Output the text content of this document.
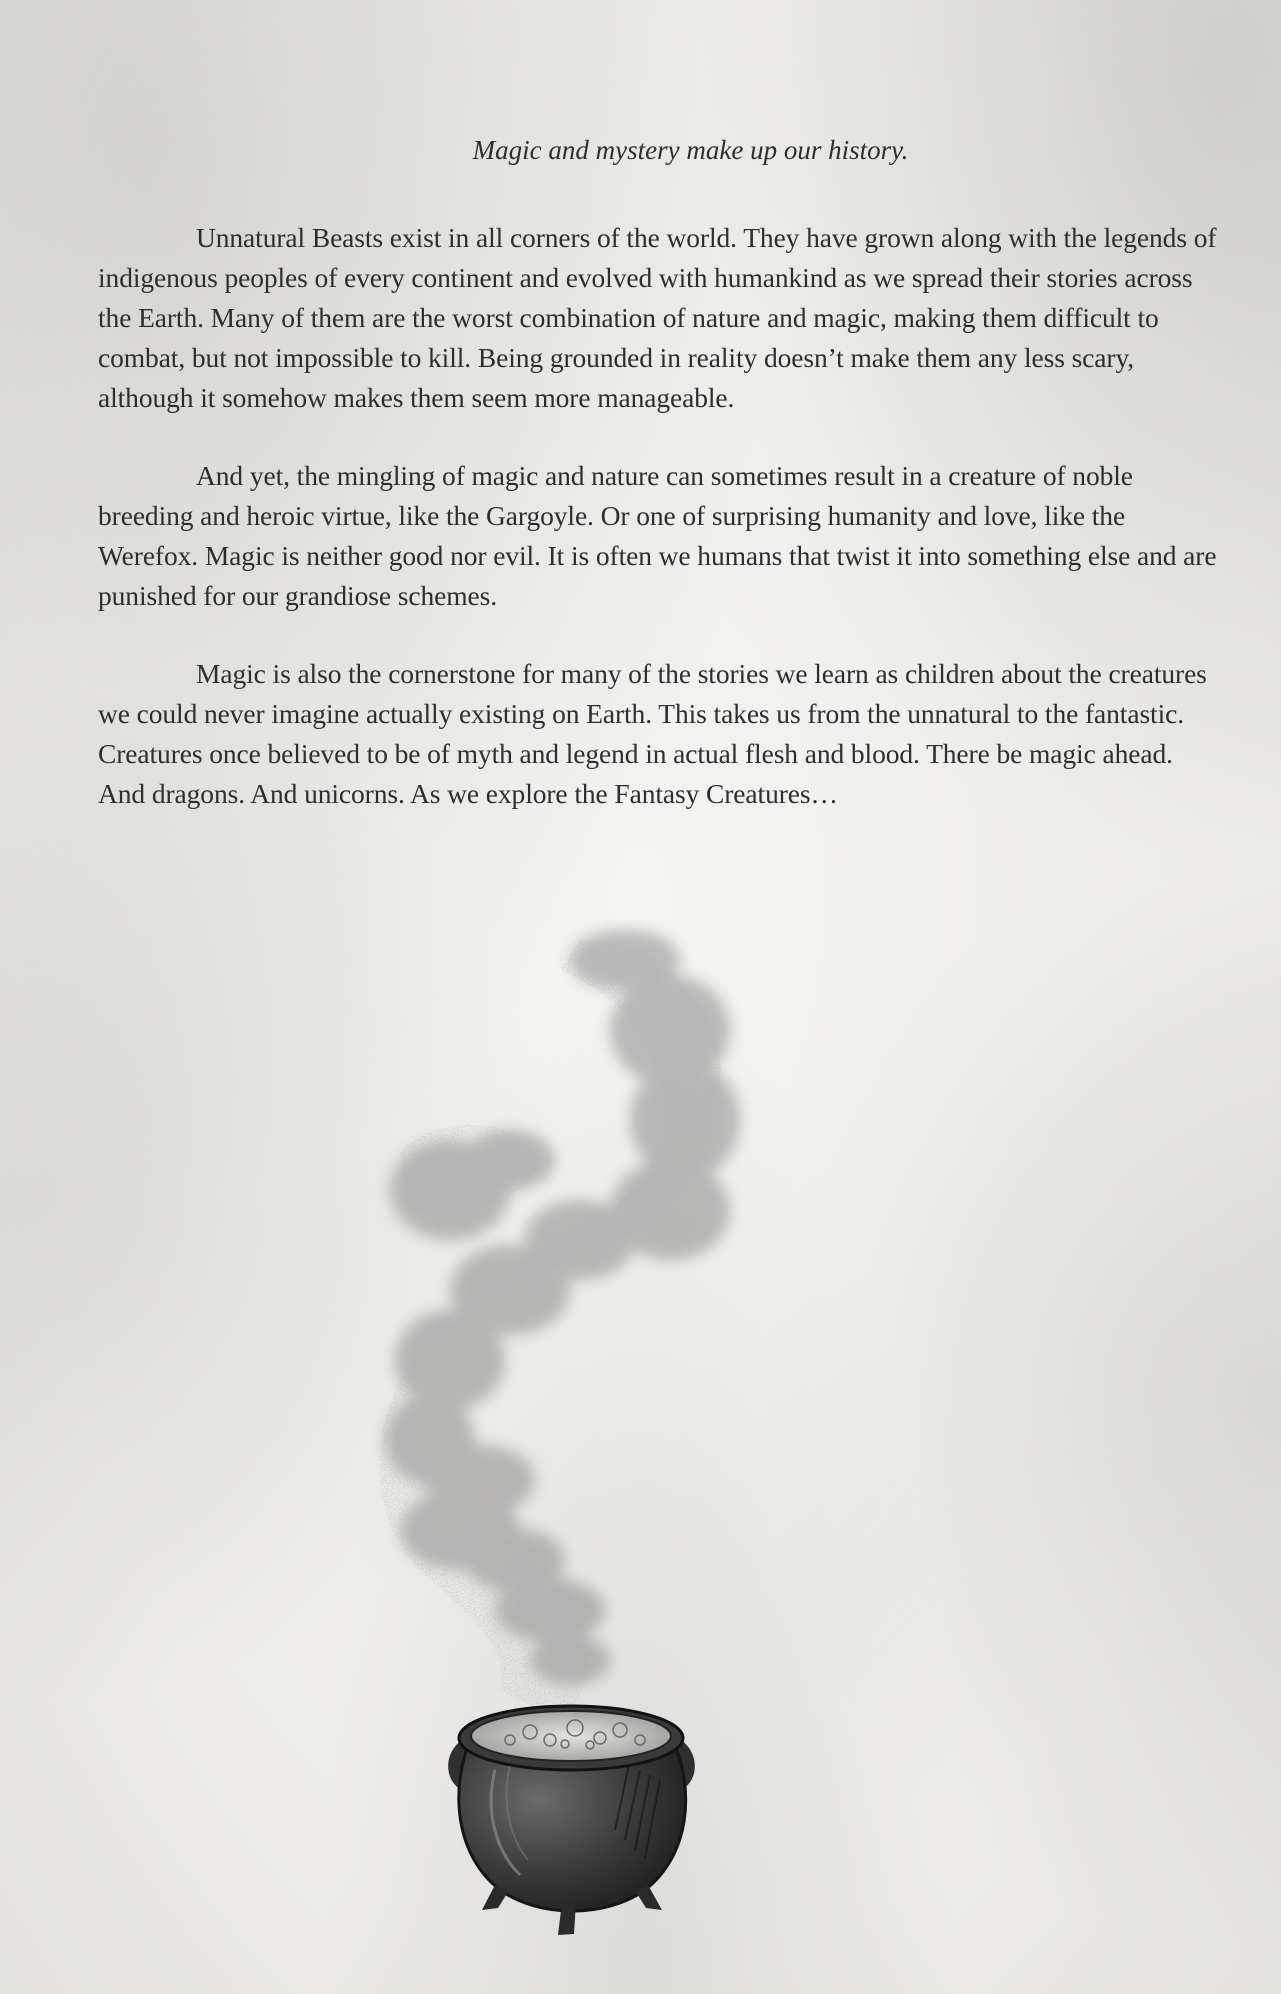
Magic and mystery make up our history.

Unnatural Beasts exist in all corners of the world. They have grown along with the legends of indigenous peoples of every continent and evolved with humankind as we spread their stories across the Earth. Many of them are the worst combination of nature and magic, making them difficult to combat, but not impossible to kill. Being grounded in reality doesn’t make them any less scary, although it somehow makes them seem more manageable.

And yet, the mingling of magic and nature can sometimes result in a creature of noble breeding and heroic virtue, like the Gargoyle. Or one of surprising humanity and love, like the Werefox. Magic is neither good nor evil. It is often we humans that twist it into something else and are punished for our grandiose schemes.

Magic is also the cornerstone for many of the stories we learn as children about the creatures we could never imagine actually existing on Earth. This takes us from the unnatural to the fantastic. Creatures once believed to be of myth and legend in actual flesh and blood. There be magic ahead. And dragons. And unicorns. As we explore the Fantasy Creatures…
